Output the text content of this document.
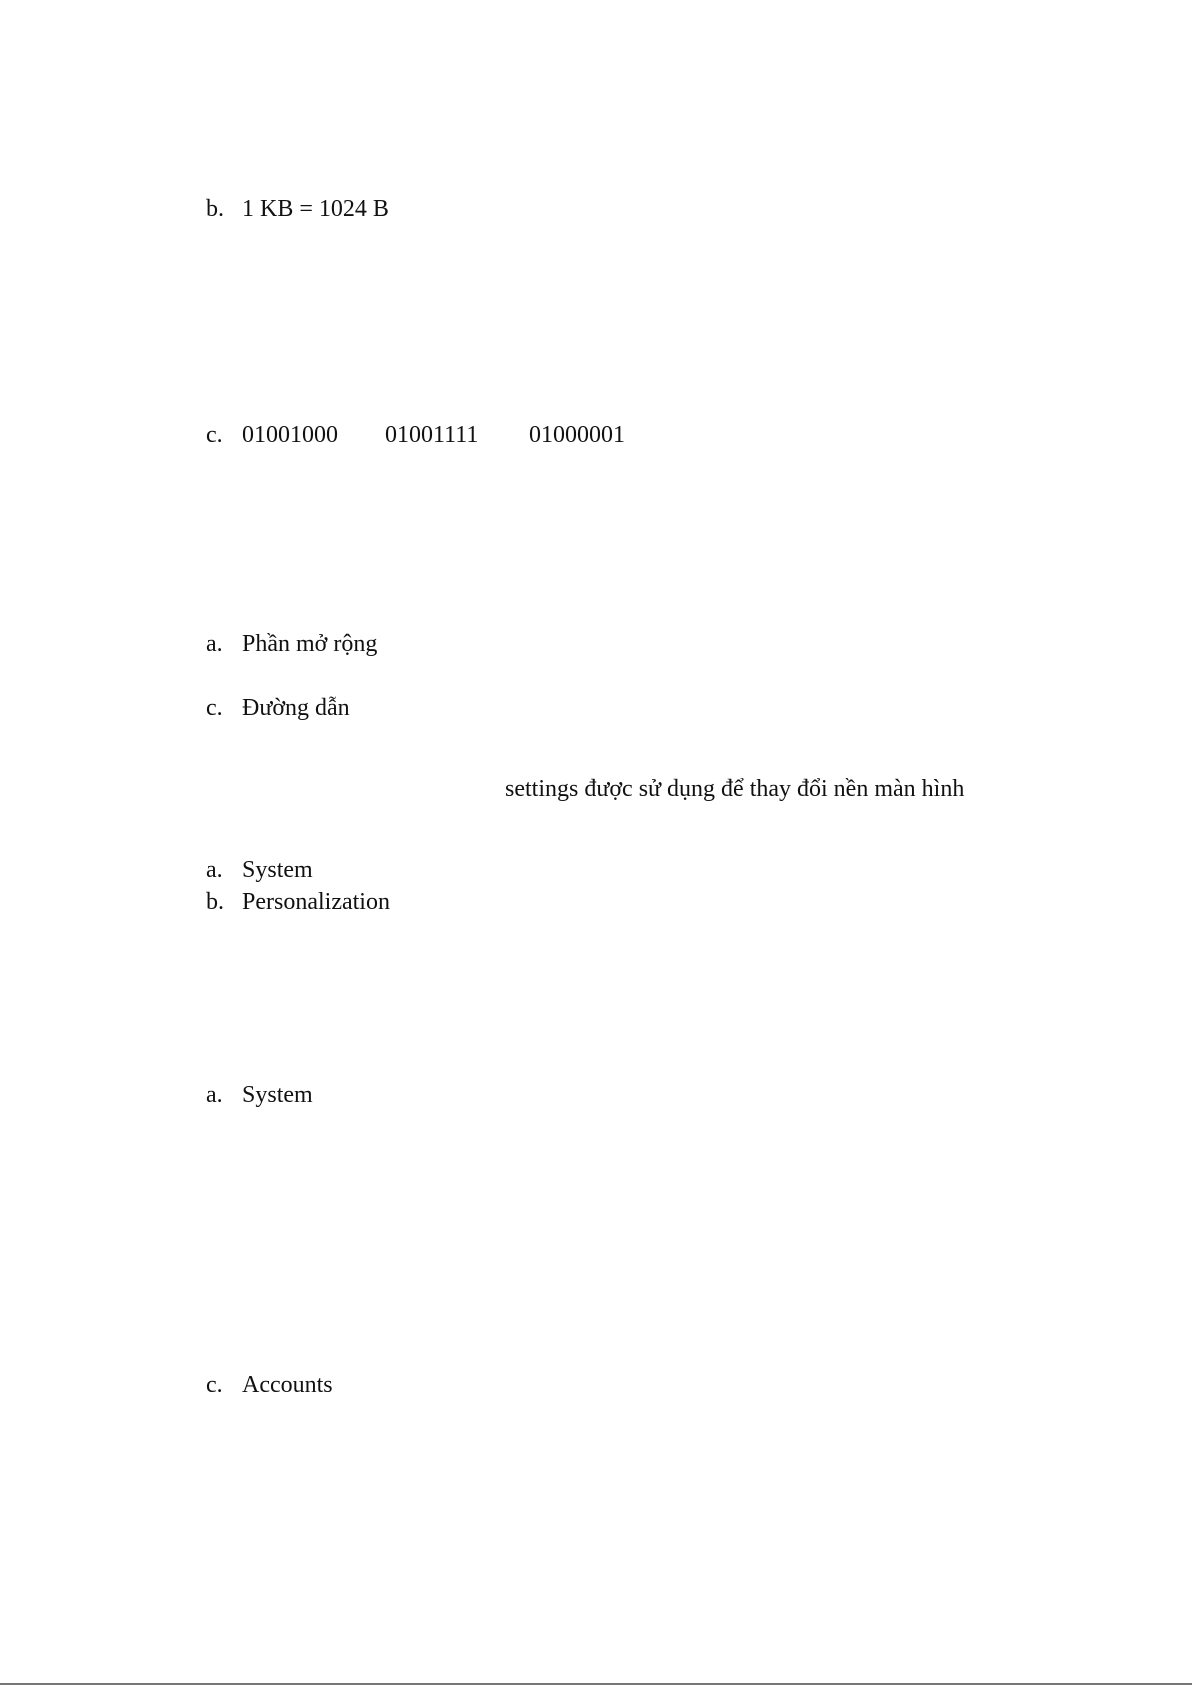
b. 1 KB = 1024 B
c. 01001000 01001111 01000001
a. Phần mở rộng
c. Đường dẫn
settings được sử dụng để thay đổi nền màn hình
a. System
b. Personalization
a. System
c. Accounts
